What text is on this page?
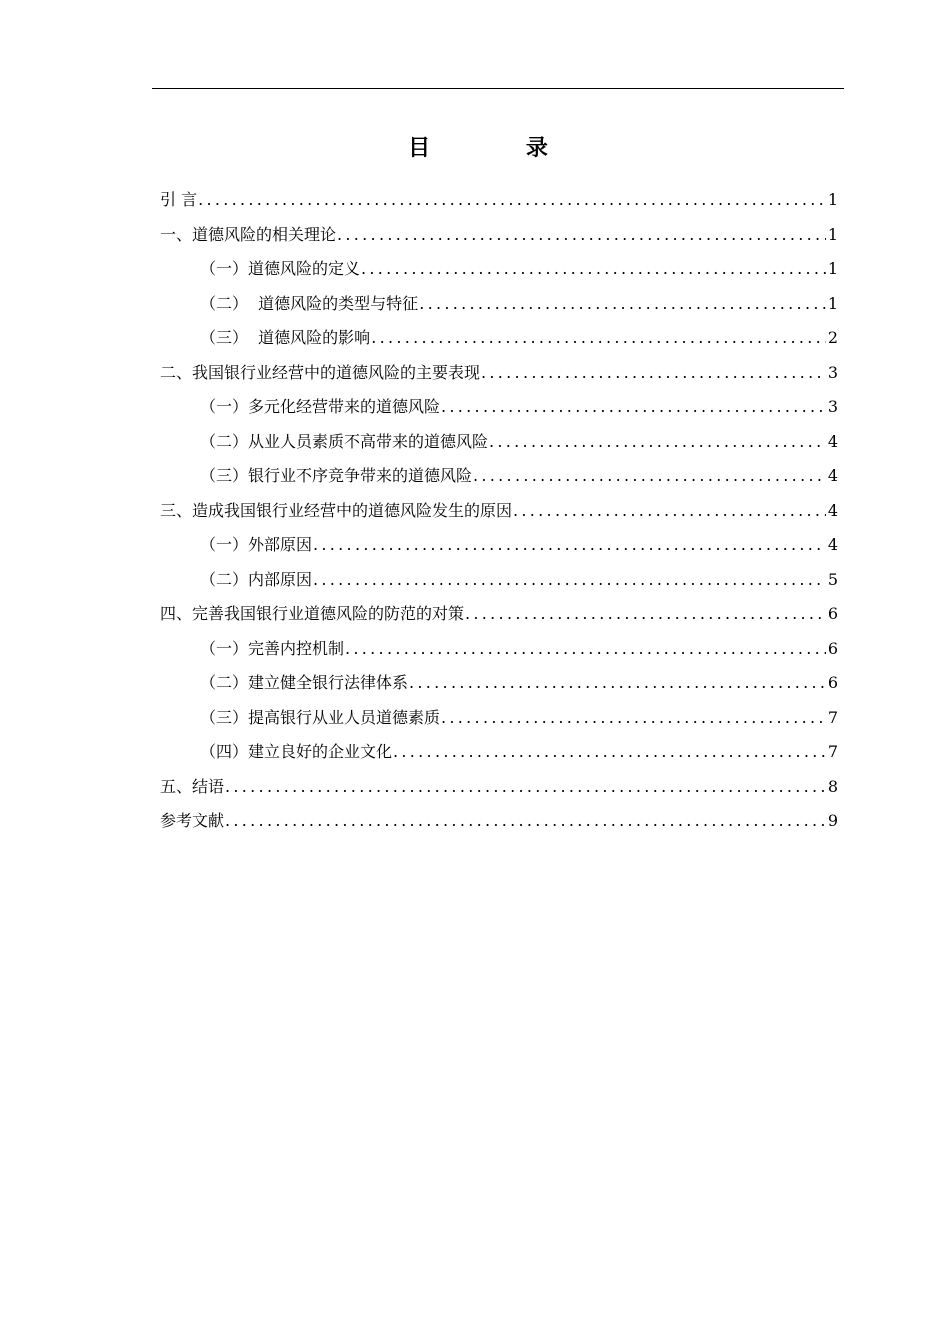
目 录
引 言 .....	1
一、道德风险的相关理论 .....	1
（一）道德风险的定义 .....	1
（二）  道德风险的类型与特征 .....	1
（三）  道德风险的影响 .....	2
二、我国银行业经营中的道德风险的主要表现 .....	3
（一）多元化经营带来的道德风险 .....	3
（二）从业人员素质不高带来的道德风险 .....	4
（三）银行业不序竞争带来的道德风险 .....	4
三、造成我国银行业经营中的道德风险发生的原因 .....	4
（一）外部原因 .....	4
（二）内部原因 .....	5
四、完善我国银行业道德风险的防范的对策 .....	6
（一）完善内控机制 .....	6
（二）建立健全银行法律体系 .....	6
（三）提高银行从业人员道德素质 .....	7
（四）建立良好的企业文化 .....	7
五、结语 .....	8
参考文献 .....	9
